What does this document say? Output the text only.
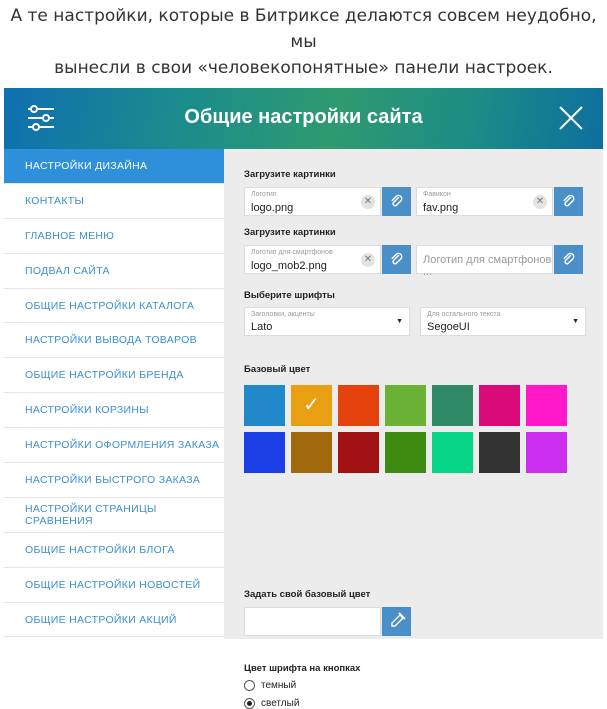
А те настройки, которые в Битриксе делаются совсем неудобно, мы
вынесли в свои «человекопонятные» панели настроек.
Общие настройки сайта
НАСТРОЙКИ ДИЗАЙНА
КОНТАКТЫ
ГЛАВНОЕ МЕНЮ
ПОДВАЛ САЙТА
ОБЩИЕ НАСТРОЙКИ КАТАЛОГА
НАСТРОЙКИ ВЫВОДА ТОВАРОВ
ОБЩИЕ НАСТРОЙКИ БРЕНДА
НАСТРОЙКИ КОРЗИНЫ
НАСТРОЙКИ ОФОРМЛЕНИЯ ЗАКАЗА
НАСТРОЙКИ БЫСТРОГО ЗАКАЗА
НАСТРОЙКИ СТРАНИЦЫ СРАВНЕНИЯ
ОБЩИЕ НАСТРОЙКИ БЛОГА
ОБЩИЕ НАСТРОЙКИ НОВОСТЕЙ
ОБЩИЕ НАСТРОЙКИ АКЦИЙ
Загрузите картинки
Логотип
logo.png
✕
Фавикон
fav.png
✕
Загрузите картинки
Логотип для смартфонов
logo_mob2.png
✕	Логотип для смартфонов ...
Выберите шрифты
Заголовки, акценты
Lato	▼
Для остального текста
SegoeUI	▼
Базовый цвет
✓
Задать свой базовый цвет
Цвет шрифта на кнопках
темный
светлый
